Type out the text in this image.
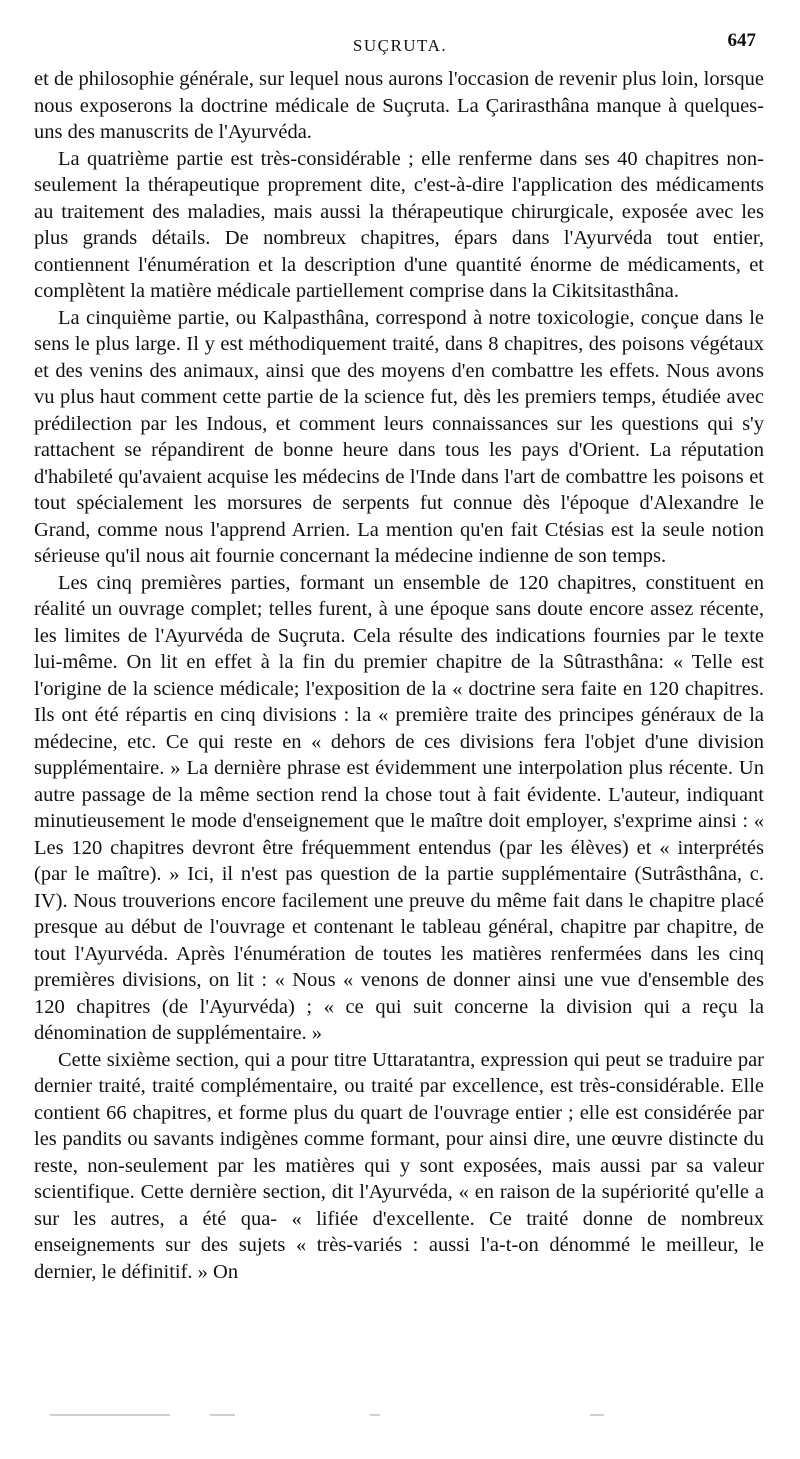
SUÇRUTA.	647

et de philosophie générale, sur lequel nous aurons l'occasion de revenir plus loin, lorsque nous exposerons la doctrine médicale de Suçruta. La Çarirasthâna manque à quelques-uns des manuscrits de l'Ayurvéda.

La quatrième partie est très-considérable ; elle renferme dans ses 40 chapitres non-seulement la thérapeutique proprement dite, c'est-à-dire l'application des médicaments au traitement des maladies, mais aussi la thérapeutique chirurgicale, exposée avec les plus grands détails. De nombreux chapitres, épars dans l'Ayurvéda tout entier, contiennent l'énumération et la description d'une quantité énorme de médicaments, et complètent la matière médicale partiellement comprise dans la Cikitsitasthâna.

La cinquième partie, ou Kalpasthâna, correspond à notre toxicologie, conçue dans le sens le plus large. Il y est méthodiquement traité, dans 8 chapitres, des poisons végétaux et des venins des animaux, ainsi que des moyens d'en combattre les effets. Nous avons vu plus haut comment cette partie de la science fut, dès les premiers temps, étudiée avec prédilection par les Indous, et comment leurs connaissances sur les questions qui s'y rattachent se répandirent de bonne heure dans tous les pays d'Orient. La réputation d'habileté qu'avaient acquise les médecins de l'Inde dans l'art de combattre les poisons et tout spécialement les morsures de serpents fut connue dès l'époque d'Alexandre le Grand, comme nous l'apprend Arrien. La mention qu'en fait Ctésias est la seule notion sérieuse qu'il nous ait fournie concernant la médecine indienne de son temps.

Les cinq premières parties, formant un ensemble de 120 chapitres, constituent en réalité un ouvrage complet; telles furent, à une époque sans doute encore assez récente, les limites de l'Ayurvéda de Suçruta. Cela résulte des indications fournies par le texte lui-même. On lit en effet à la fin du premier chapitre de la Sûtrasthâna: « Telle est l'origine de la science médicale; l'exposition de la « doctrine sera faite en 120 chapitres. Ils ont été répartis en cinq divisions : la « première traite des principes généraux de la médecine, etc. Ce qui reste en « dehors de ces divisions fera l'objet d'une division supplémentaire. » La dernière phrase est évidemment une interpolation plus récente. Un autre passage de la même section rend la chose tout à fait évidente. L'auteur, indiquant minutieusement le mode d'enseignement que le maître doit employer, s'exprime ainsi : « Les 120 chapitres devront être fréquemment entendus (par les élèves) et « interprétés (par le maître). » Ici, il n'est pas question de la partie supplémentaire (Sutrâsthâna, c. IV). Nous trouverions encore facilement une preuve du même fait dans le chapitre placé presque au début de l'ouvrage et contenant le tableau général, chapitre par chapitre, de tout l'Ayurvéda. Après l'énumération de toutes les matières renfermées dans les cinq premières divisions, on lit : « Nous « venons de donner ainsi une vue d'ensemble des 120 chapitres (de l'Ayurvéda) ; « ce qui suit concerne la division qui a reçu la dénomination de supplémentaire. »

Cette sixième section, qui a pour titre Uttaratantra, expression qui peut se traduire par dernier traité, traité complémentaire, ou traité par excellence, est très-considérable. Elle contient 66 chapitres, et forme plus du quart de l'ouvrage entier ; elle est considérée par les pandits ou savants indigènes comme formant, pour ainsi dire, une œuvre distincte du reste, non-seulement par les matières qui y sont exposées, mais aussi par sa valeur scientifique. Cette dernière section, dit l'Ayurvéda, « en raison de la supériorité qu'elle a sur les autres, a été qua- « lifiée d'excellente. Ce traité donne de nombreux enseignements sur des sujets « très-variés : aussi l'a-t-on dénommé le meilleur, le dernier, le définitif. » On
